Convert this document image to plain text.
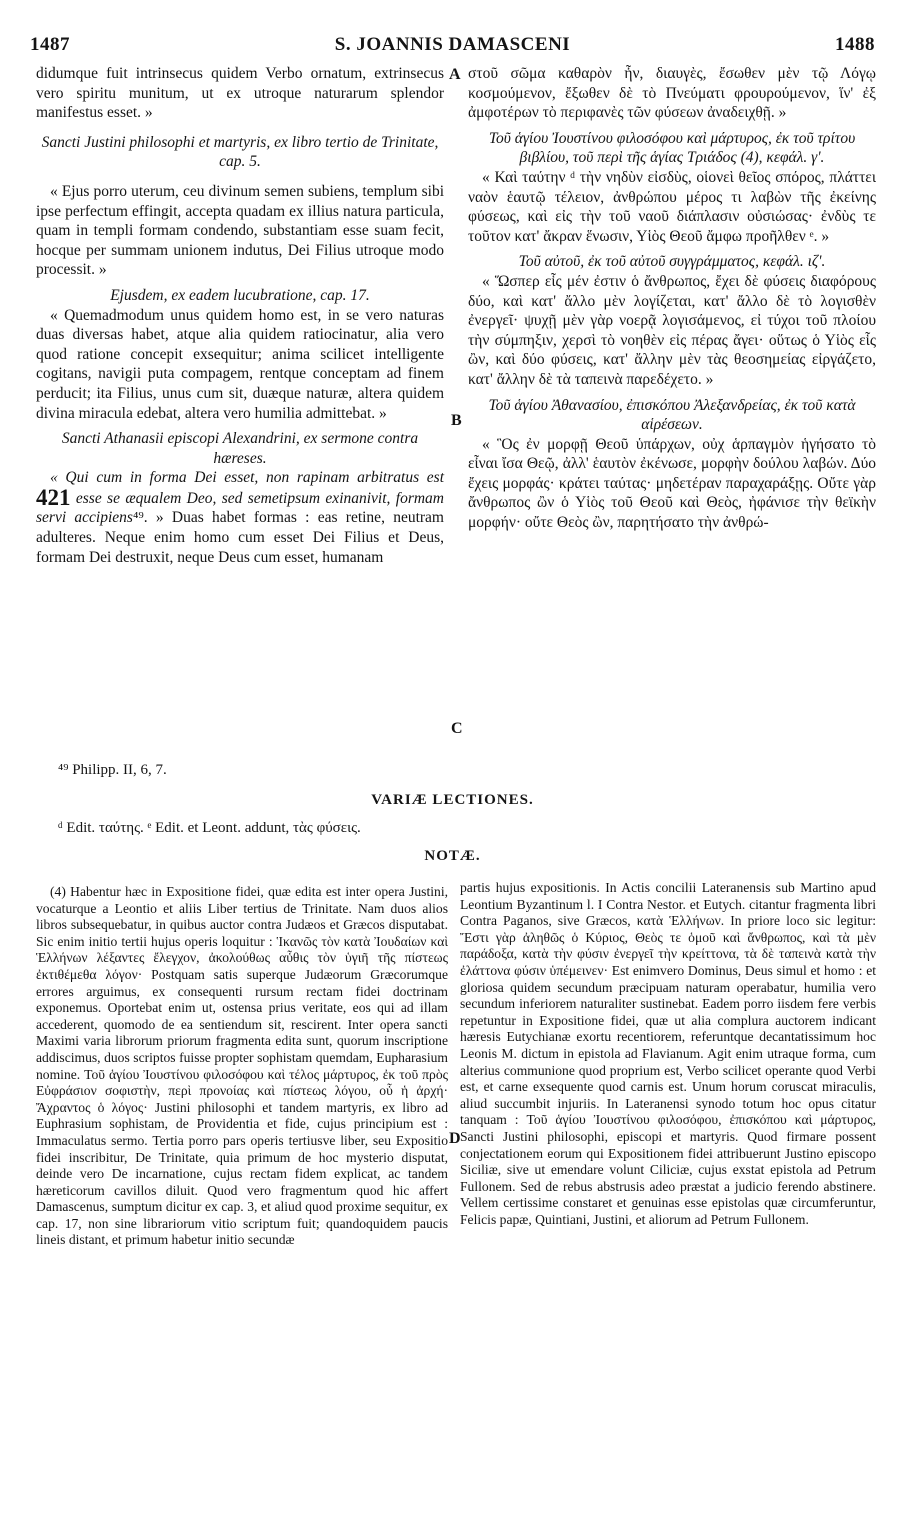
1487	S. JOANNIS DAMASCENI	1488
A
B
C
D

didumque fuit intrinsecus quidem Verbo ornatum, extrinsecus vero spiritu munitum, ut ex utroque naturarum splendor manifestus esset. »

Sancti Justini philosophi et martyris, ex libro tertio de Trinitate, cap. 5.

« Ejus porro uterum, ceu divinum semen subiens, templum sibi ipse perfectum effingit, accepta quadam ex illius natura particula, quam in templi formam condendo, substantiam esse suam fecit, hocque per summam unionem indutus, Dei Filius utroque modo processit. »

Ejusdem, ex eadem lucubratione, cap. 17.

« Quemadmodum unus quidem homo est, in se vero naturas duas diversas habet, atque alia quidem ratiocinatur, alia vero quod ratione concepit exsequitur; anima scilicet intelligente cogitans, navigii puta compagem, rentque conceptam ad finem perducit; ita Filius, unus cum sit, duæque naturæ, altera quidem divina miracula edebat, altera vero humilia admittebat. »

Sancti Athanasii episcopi Alexandrini, ex sermone contra hæreses.

« Qui cum in forma Dei esset, non rapinam arbitratus est 421 esse se æqualem Deo, sed semetipsum exinanivit, formam servi accipiens⁴⁹. » Duas habet formas : eas retine, neutram adulteres. Neque enim homo cum esset Dei Filius et Deus, formam Dei destruxit, neque Deus cum esset, humanam

στοῦ σῶμα καθαρὸν ἦν, διαυγὲς, ἔσωθεν μὲν τῷ Λόγῳ κοσμούμενον, ἔξωθεν δὲ τὸ Πνεύματι φρουρούμενον, ἵν' ἐξ ἀμφοτέρων τὸ περιφανὲς τῶν φύσεων ἀναδειχθῇ. »

Τοῦ ἁγίου Ἰουστίνου φιλοσόφου καὶ μάρτυρος, ἐκ τοῦ τρίτου βιβλίου, τοῦ περὶ τῆς ἁγίας Τριάδος (4), κεφάλ. γ'.

« Καὶ ταύτην ᵈ τὴν νηδὺν εἰσδὺς, οἱονεὶ θεῖος σπόρος, πλάττει ναὸν ἑαυτῷ τέλειον, ἀνθρώπου μέρος τι λαβὼν τῆς ἐκείνης φύσεως, καὶ εἰς τὴν τοῦ ναοῦ διάπλασιν οὐσιώσας· ἐνδὺς τε τοῦτον κατ' ἄκραν ἕνωσιν, Υἱὸς Θεοῦ ἄμφω προῆλθεν ᵉ. »

Τοῦ αὐτοῦ, ἐκ τοῦ αὐτοῦ συγγράμματος, κεφάλ. ιζ'.

« Ὥσπερ εἷς μέν ἐστιν ὁ ἄνθρωπος, ἔχει δὲ φύσεις διαφόρους δύο, καὶ κατ' ἄλλο μὲν λογίζεται, κατ' ἄλλο δὲ τὸ λογισθὲν ἐνεργεῖ· ψυχῇ μὲν γὰρ νοερᾷ λογισάμενος, εἰ τύχοι τοῦ πλοίου τὴν σύμπηξιν, χερσὶ τὸ νοηθὲν εἰς πέρας ἄγει· οὕτως ὁ Υἱὸς εἷς ὢν, καὶ δύο φύσεις, κατ' ἄλλην μὲν τὰς θεοσημείας εἰργάζετο, κατ' ἄλλην δὲ τὰ ταπεινὰ παρεδέχετο. »

Τοῦ ἁγίου Ἀθανασίου, ἐπισκόπου Ἀλεξανδρείας, ἐκ τοῦ κατὰ αἱρέσεων.

« Ὃς ἐν μορφῇ Θεοῦ ὑπάρχων, οὐχ ἁρπαγμὸν ἡγήσατο τὸ εἶναι ἴσα Θεῷ, ἀλλ' ἑαυτὸν ἐκένωσε, μορφὴν δούλου λαβών. Δύο ἔχεις μορφάς· κράτει ταύτας· μηδετέραν παραχαράξῃς. Οὔτε γὰρ ἄνθρωπος ὢν ὁ Υἱὸς τοῦ Θεοῦ καὶ Θεὸς, ἠφάνισε τὴν θεϊκὴν μορφήν· οὔτε Θεὸς ὢν, παρητήσατο τὴν ἀνθρώ-

⁴⁹ Philipp. II, 6, 7.
VARIÆ LECTIONES.
ᵈ Edit. ταύτης. ᵉ Edit. et Leont. addunt, τὰς φύσεις.
NOTÆ.

(4) Habentur hæc in Expositione fidei, quæ edita est inter opera Justini, vocaturque a Leontio et aliis Liber tertius de Trinitate. Nam duos alios libros subsequebatur, in quibus auctor contra Judæos et Græcos disputabat. Sic enim initio tertii hujus operis loquitur : Ἱκανῶς τὸν κατὰ Ἰουδαίων καὶ Ἑλλήνων λέξαντες ἔλεγχον, ἀκολούθως αὖθις τὸν ὑγιῆ τῆς πίστεως ἐκτιθέμεθα λόγον· Postquam satis superque Judæorum Græcorumque errores arguimus, ex consequenti rursum rectam fidei doctrinam exponemus. Oportebat enim ut, ostensa prius veritate, eos qui ad illam accederent, quomodo de ea sentiendum sit, rescirent. Inter opera sancti Maximi varia librorum priorum fragmenta edita sunt, quorum inscriptione addiscimus, duos scriptos fuisse propter sophistam quemdam, Eupharasium nomine. Τοῦ ἁγίου Ἰουστίνου φιλοσόφου καὶ τέλος μάρτυρος, ἐκ τοῦ πρὸς Εὐφράσιον σοφιστὴν, περὶ προνοίας καὶ πίστεως λόγου, οὗ ἡ ἀρχή· Ἄχραντος ὁ λόγος· Justini philosophi et tandem martyris, ex libro ad Euphrasium sophistam, de Providentia et fide, cujus principium est : Immaculatus sermo. Tertia porro pars operis tertiusve liber, seu Expositio fidei inscribitur, De Trinitate, quia primum de hoc mysterio disputat, deinde vero De incarnatione, cujus rectam fidem explicat, ac tandem hæreticorum cavillos diluit. Quod vero fragmentum quod hic affert Damascenus, sumptum dicitur ex cap. 3, et aliud quod proxime sequitur, ex cap. 17, non sine librariorum vitio scriptum fuit; quandoquidem paucis lineis distant, et primum habetur initio secundæ

partis hujus expositionis. In Actis concilii Lateranensis sub Martino apud Leontium Byzantinum l. I Contra Nestor. et Eutych. citantur fragmenta libri Contra Paganos, sive Græcos, κατὰ Ἑλλήνων. In priore loco sic legitur: Ἔστι γὰρ ἀληθῶς ὁ Κύριος, Θεὸς τε ὁμοῦ καὶ ἄνθρωπος, καὶ τὰ μὲν παράδοξα, κατὰ τὴν φύσιν ἐνεργεῖ τὴν κρείττονα, τὰ δὲ ταπεινὰ κατὰ τὴν ἐλάττονα φύσιν ὑπέμεινεν· Est enimvero Dominus, Deus simul et homo : et gloriosa quidem secundum præcipuam naturam operabatur, humilia vero secundum inferiorem naturaliter sustinebat. Eadem porro iisdem fere verbis repetuntur in Expositione fidei, quæ ut alia complura auctorem indicant hæresis Eutychianæ exortu recentiorem, referuntque decantatissimum hoc Leonis M. dictum in epistola ad Flavianum. Agit enim utraque forma, cum alterius communione quod proprium est, Verbo scilicet operante quod Verbi est, et carne exsequente quod carnis est. Unum horum coruscat miraculis, aliud succumbit injuriis. In Lateranensi synodo totum hoc opus citatur tanquam : Τοῦ ἁγίου Ἰουστίνου φιλοσόφου, ἐπισκόπου καὶ μάρτυρος, Sancti Justini philosophi, episcopi et martyris. Quod firmare possent conjectationem eorum qui Expositionem fidei attribuerunt Justino episcopo Siciliæ, sive ut emendare volunt Ciliciæ, cujus exstat epistola ad Petrum Fullonem. Sed de rebus abstrusis adeo præstat a judicio ferendo abstinere. Vellem certissime constaret et genuinas esse epistolas quæ circumferuntur, Felicis papæ, Quintiani, Justini, et aliorum ad Petrum Fullonem.
